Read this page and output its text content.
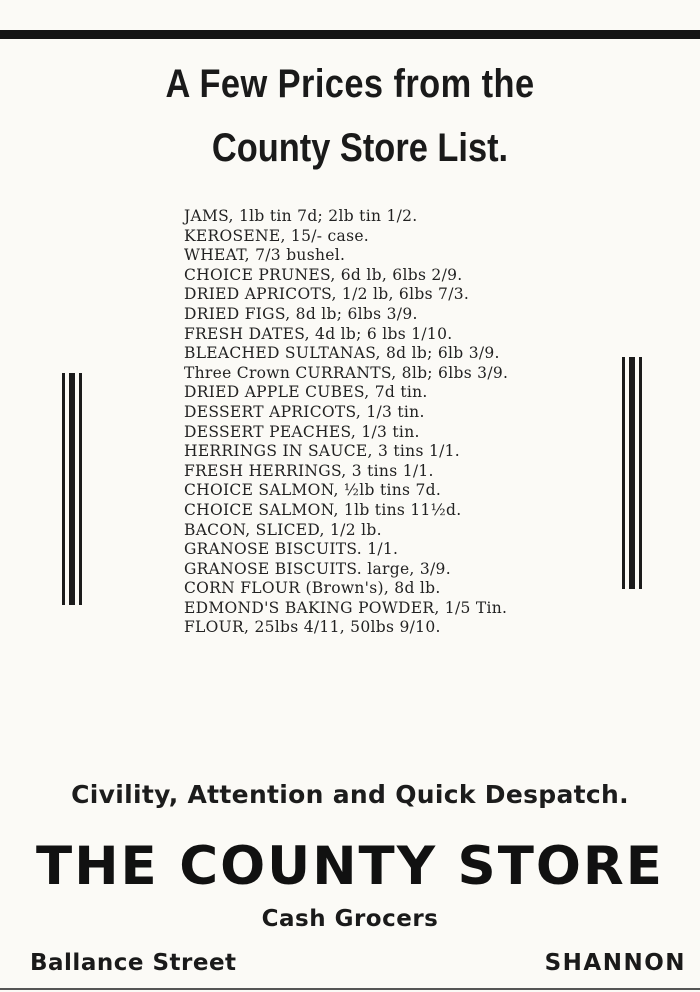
A Few Prices from the
County Store List.
JAMS, 1lb tin 7d; 2lb tin 1/2.
KEROSENE, 15/- case.
WHEAT, 7/3 bushel.
CHOICE PRUNES, 6d lb, 6lbs 2/9.
DRIED APRICOTS, 1/2 lb, 6lbs 7/3.
DRIED FIGS, 8d lb; 6lbs 3/9.
FRESH DATES, 4d lb; 6 lbs 1/10.
BLEACHED SULTANAS, 8d lb; 6lb 3/9.
Three Crown CURRANTS, 8lb; 6lbs 3/9.
DRIED APPLE CUBES, 7d tin.
DESSERT APRICOTS, 1/3 tin.
DESSERT PEACHES, 1/3 tin.
HERRINGS IN SAUCE, 3 tins 1/1.
FRESH HERRINGS, 3 tins 1/1.
CHOICE SALMON, ½lb tins 7d.
CHOICE SALMON, 1lb tins 11½d.
BACON, SLICED, 1/2 lb.
GRANOSE BISCUITS. 1/1.
GRANOSE BISCUITS. large, 3/9.
CORN FLOUR (Brown's), 8d lb.
EDMOND'S BAKING POWDER, 1/5 Tin.
FLOUR, 25lbs 4/11, 50lbs 9/10.
Civility, Attention and Quick Despatch.
THE COUNTY STORE
Cash Grocers
Ballance Street	SHANNON
